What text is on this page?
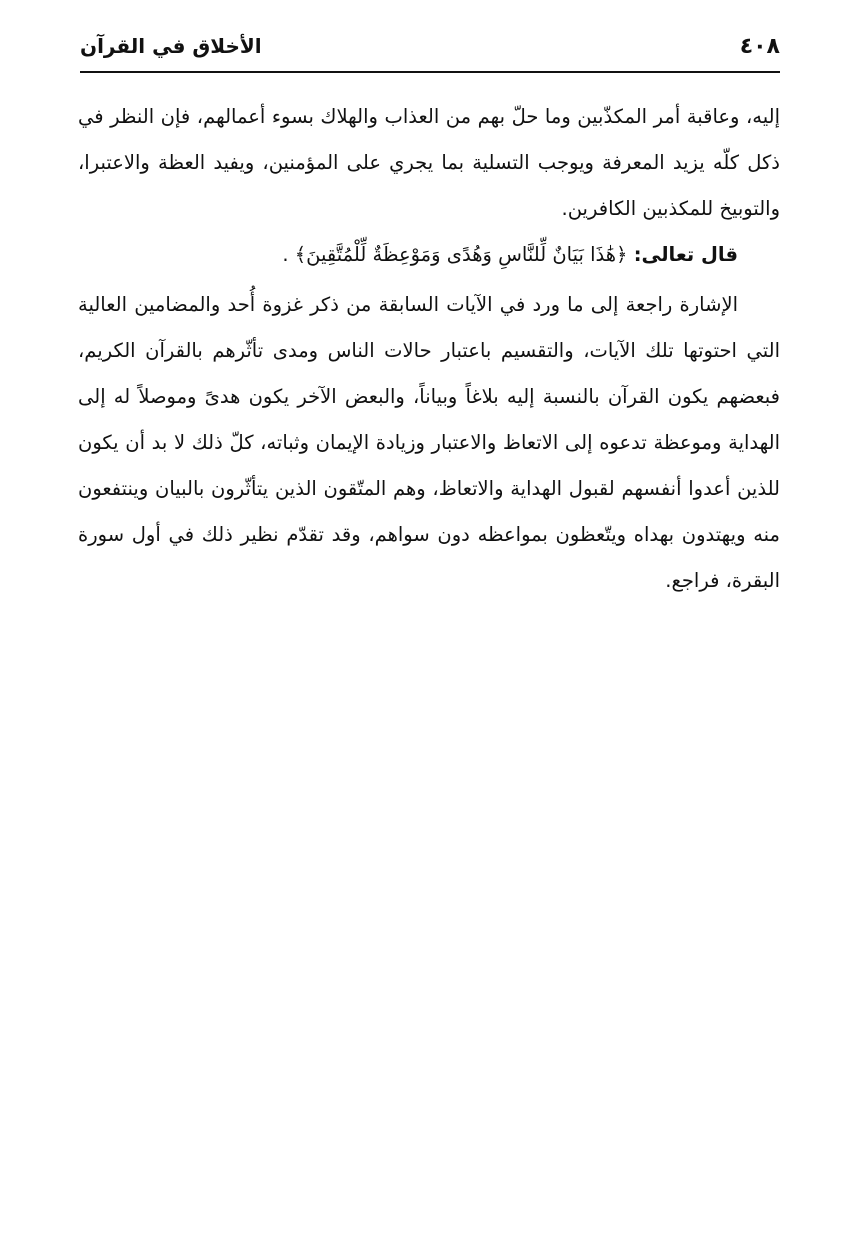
الأخلاق في القرآن	٤٠٨

إليه، وعاقبة أمر المكذّبين وما حلّ بهم من العذاب والهلاك بسوء أعمالهم، فإن النظر في ذكل كلّه يزيد المعرفة ويوجب التسلية بما يجري على المؤمنين، ويفيد العظة والاعتبرا، والتوبيخ للمكذبين الكافرين.

قال تعالى: ﴿هَٰذَا بَيَانٌ لِّلنَّاسِ وَهُدًى وَمَوْعِظَةٌ لِّلْمُتَّقِينَ﴾ .

الإشارة راجعة إلى ما ورد في الآيات السابقة من ذكر غزوة أُحد والمضامين العالية التي احتوتها تلك الآيات، والتقسيم باعتبار حالات الناس ومدى تأثّرهم بالقرآن الكريم، فبعضهم يكون القرآن بالنسبة إليه بلاغاً وبياناً، والبعض الآخر يكون هدىً وموصلاً له إلى الهداية وموعظة تدعوه إلى الاتعاظ والاعتبار وزيادة الإيمان وثباته، كلّ ذلك لا بد أن يكون للذين أعدوا أنفسهم لقبول الهداية والاتعاظ، وهم المتّقون الذين يتأثّرون بالبيان وينتفعون منه ويهتدون بهداه ويتّعظون بمواعظه دون سواهم، وقد تقدّم نظير ذلك في أول سورة البقرة، فراجع.
